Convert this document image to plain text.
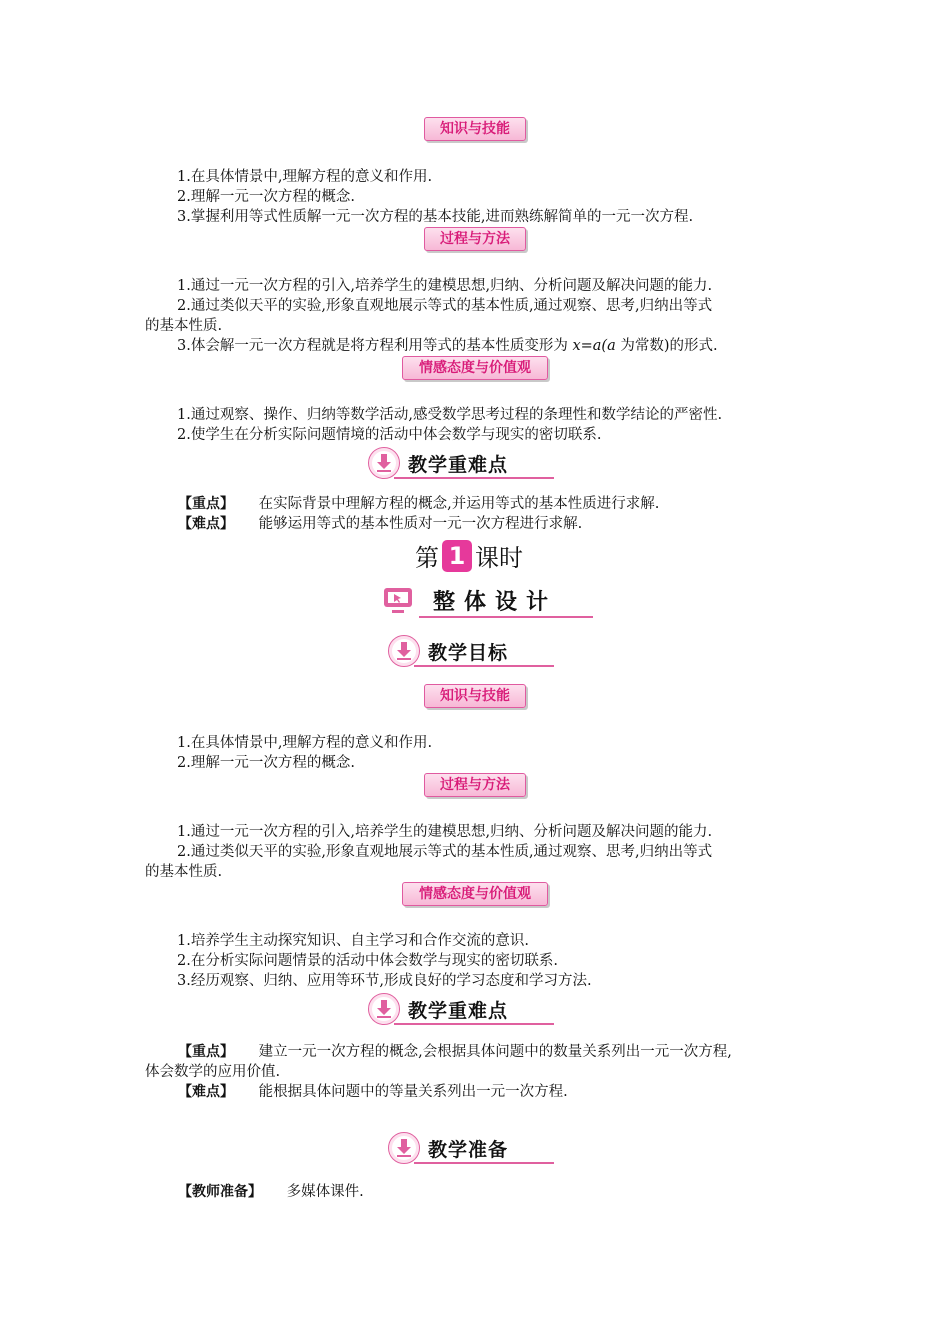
知识与技能
1.在具体情景中,理解方程的意义和作用.
2.理解一元一次方程的概念.
3.掌握利用等式性质解一元一次方程的基本技能,进而熟练解简单的一元一次方程.
过程与方法
1.通过一元一次方程的引入,培养学生的建模思想,归纳、分析问题及解决问题的能力.
2.通过类似天平的实验,形象直观地展示等式的基本性质,通过观察、思考,归纳出等式
的基本性质.
3.体会解一元一次方程就是将方程利用等式的基本性质变形为 x=a(a 为常数)的形式.
情感态度与价值观
1.通过观察、操作、归纳等数学活动,感受数学思考过程的条理性和数学结论的严密性.
2.使学生在分析实际问题情境的活动中体会数学与现实的密切联系.
教学重难点
【重点】 在实际背景中理解方程的概念,并运用等式的基本性质进行求解.
【难点】 能够运用等式的基本性质对一元一次方程进行求解.
第 1 课时
整体设计
教学目标
知识与技能
1.在具体情景中,理解方程的意义和作用.
2.理解一元一次方程的概念.
过程与方法
1.通过一元一次方程的引入,培养学生的建模思想,归纳、分析问题及解决问题的能力.
2.通过类似天平的实验,形象直观地展示等式的基本性质,通过观察、思考,归纳出等式
的基本性质.
情感态度与价值观
1.培养学生主动探究知识、自主学习和合作交流的意识.
2.在分析实际问题情景的活动中体会数学与现实的密切联系.
3.经历观察、归纳、应用等环节,形成良好的学习态度和学习方法.
教学重难点
【重点】 建立一元一次方程的概念,会根据具体问题中的数量关系列出一元一次方程,
体会数学的应用价值.
【难点】 能根据具体问题中的等量关系列出一元一次方程.
教学准备
【教师准备】 多媒体课件.
